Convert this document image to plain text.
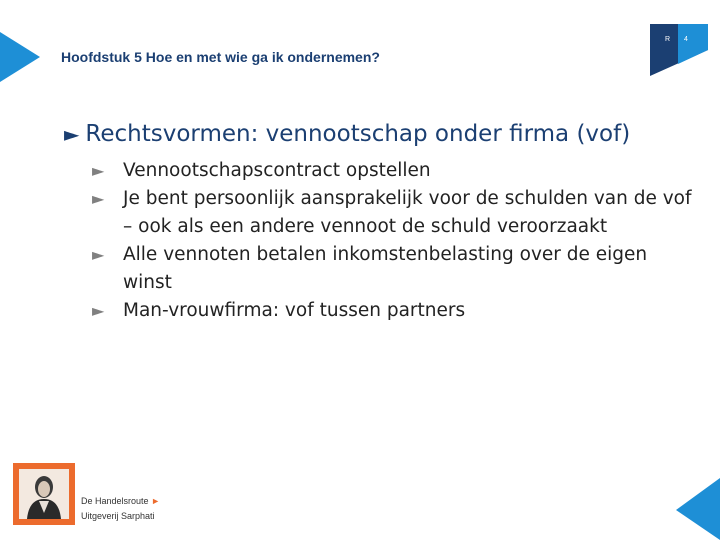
Hoofdstuk 5 Hoe en met wie ga ik ondernemen?
R 4
► Rechtsvormen: vennootschap onder firma (vof)
► Vennootschapscontract opstellen
► Je bent persoonlijk aansprakelijk voor de schulden van de vof – ook als een andere vennoot de schuld veroorzaakt
► Alle vennoten betalen inkomstenbelasting over de eigen winst
► Man-vrouwfirma: vof tussen partners
De Handelsroute ►
Uitgeverij Sarphati
